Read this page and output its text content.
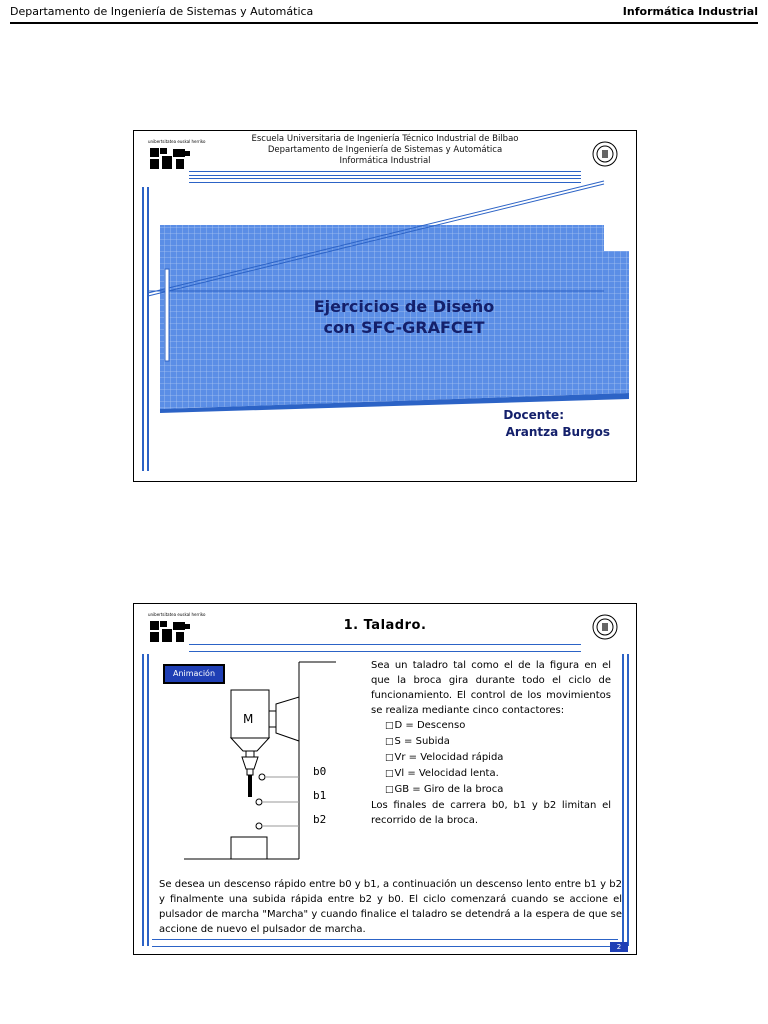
Departamento de Ingeniería de Sistemas y Automática	Informática Industrial
unibertsitatea euskal herriko	Escuela Universitaria de Ingeniería Técnico Industrial de Bilbao
Departamento de Ingeniería de Sistemas y Automática
Informática Industrial
Ejercicios de Diseño
con SFC-GRAFCET
Docente:
Arantza Burgos
unibertsitatea euskal herriko
1. Taladro.
Animación
M
b0
b1
b2
Sea un taladro tal como el de la figura en el que la broca gira durante todo el ciclo de funcionamiento. El control de los movimientos se realiza mediante cinco contactores:
□ D = Descenso
□ S = Subida
□ Vr = Velocidad rápida
□ Vl = Velocidad lenta.
□ GB = Giro de la broca
Los finales de carrera b0, b1 y b2 limitan el recorrido de la broca.
Se desea un descenso rápido entre b0 y b1, a continuación un descenso lento entre b1 y b2 y finalmente una subida rápida entre b2 y b0. El ciclo comenzará cuando se accione el pulsador de marcha "Marcha" y cuando finalice el taladro se detendrá a la espera de que se accione de nuevo el pulsador de marcha.
2
